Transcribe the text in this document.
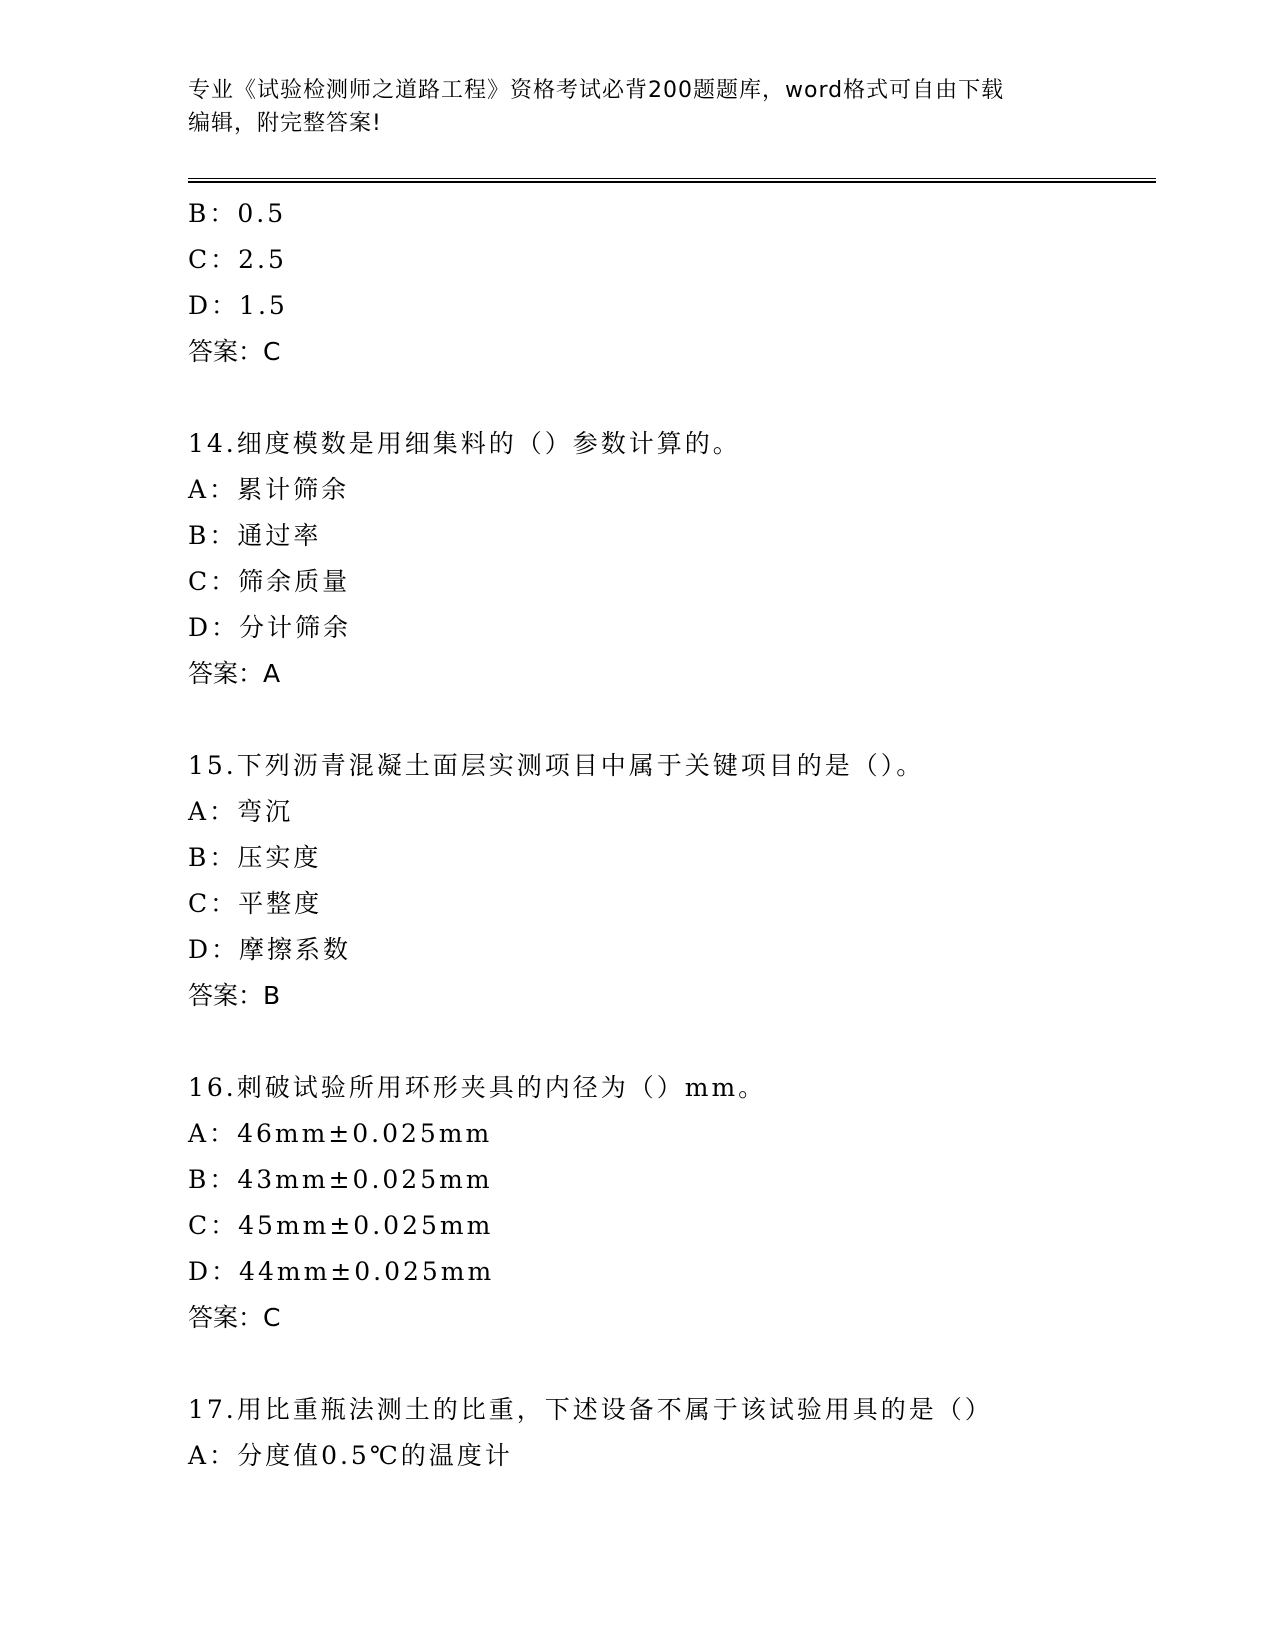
专业《试验检测师之道路工程》资格考试必背200题题库，word格式可自由下载
编辑，附完整答案!
B：0.5
C：2.5
D：1.5
答案：C
14.细度模数是用细集料的（）参数计算的。
A：累计筛余
B：通过率
C：筛余质量
D：分计筛余
答案：A
15.下列沥青混凝土面层实测项目中属于关键项目的是（）。
A：弯沉
B：压实度
C：平整度
D：摩擦系数
答案：B
16.刺破试验所用环形夹具的内径为（）mm。
A：46mm±0.025mm
B：43mm±0.025mm
C：45mm±0.025mm
D：44mm±0.025mm
答案：C
17.用比重瓶法测土的比重，下述设备不属于该试验用具的是（）
A：分度值0.5℃的温度计
